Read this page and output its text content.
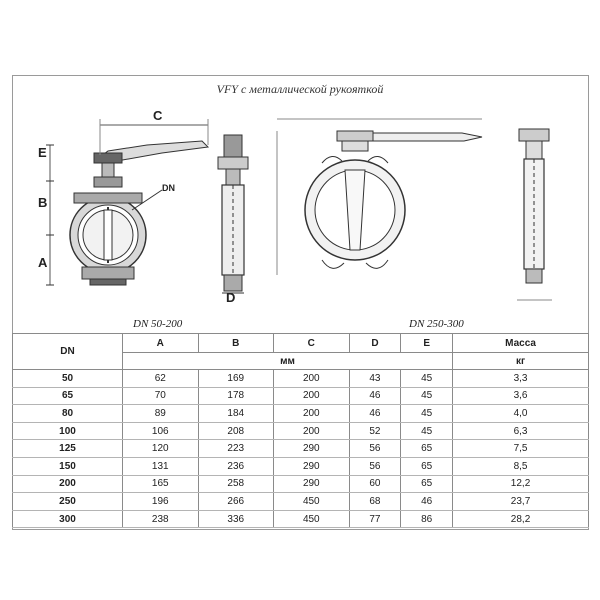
VFY с металлической рукояткой
E
B
A
C
D
DN
DN 50-200	DN 250-300
DN	A	B	C	D	E	Масса
	мм					кг
50	62	169	200	43	45	3,3
65	70	178	200	46	45	3,6
80	89	184	200	46	45	4,0
100	106	208	200	52	45	6,3
125	120	223	290	56	65	7,5
150	131	236	290	56	65	8,5
200	165	258	290	60	65	12,2
250	196	266	450	68	46	23,7
300	238	336	450	77	86	28,2
